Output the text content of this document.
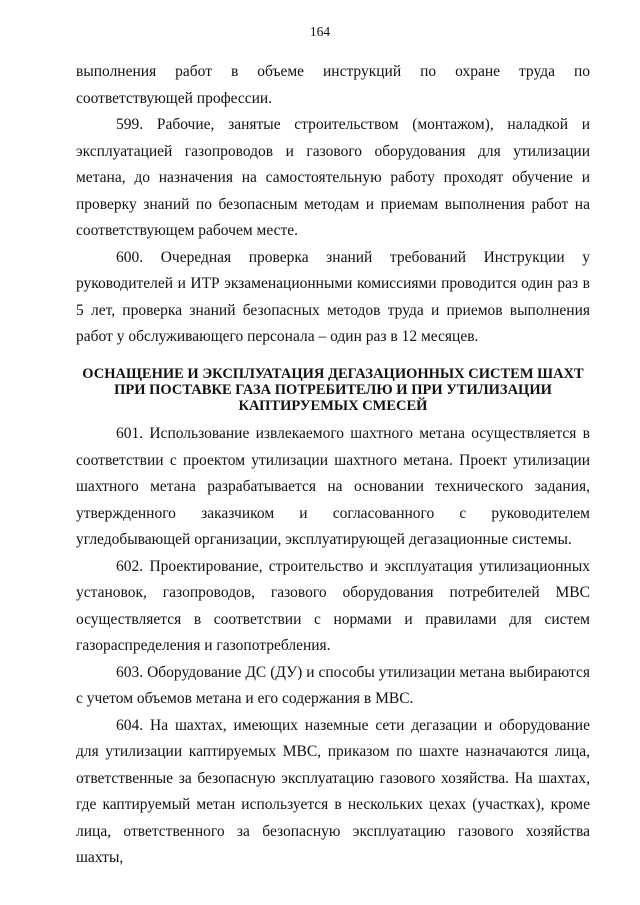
164

выполнения работ в объеме инструкций по охране труда по соответствующей профессии.

599. Рабочие, занятые строительством (монтажом), наладкой и эксплуатацией газопроводов и газового оборудования для утилизации метана, до назначения на самостоятельную работу проходят обучение и проверку знаний по безопасным методам и приемам выполнения работ на соответствующем рабочем месте.

600. Очередная проверка знаний требований Инструкции у руководителей и ИТР экзаменационными комиссиями проводится один раз в 5 лет, проверка знаний безопасных методов труда и приемов выполнения работ у обслуживающего персонала – один раз в 12 месяцев.

ОСНАЩЕНИЕ И ЭКСПЛУАТАЦИЯ ДЕГАЗАЦИОННЫХ СИСТЕМ ШАХТ
ПРИ ПОСТАВКЕ ГАЗА ПОТРЕБИТЕЛЮ И ПРИ УТИЛИЗАЦИИ
КАПТИРУЕМЫХ СМЕСЕЙ

601. Использование извлекаемого шахтного метана осуществляется в соответствии с проектом утилизации шахтного метана. Проект утилизации шахтного метана разрабатывается на основании технического задания, утвержденного заказчиком и согласованного с руководителем угледобывающей организации, эксплуатирующей дегазационные системы.

602. Проектирование, строительство и эксплуатация утилизационных установок, газопроводов, газового оборудования потребителей МВС осуществляется в соответствии с нормами и правилами для систем газораспределения и газопотребления.

603. Оборудование ДС (ДУ) и способы утилизации метана выбираются с учетом объемов метана и его содержания в МВС.

604. На шахтах, имеющих наземные сети дегазации и оборудование для утилизации каптируемых МВС, приказом по шахте назначаются лица, ответственные за безопасную эксплуатацию газового хозяйства. На шахтах, где каптируемый метан используется в нескольких цехах (участках), кроме лица, ответственного за безопасную эксплуатацию газового хозяйства шахты,
